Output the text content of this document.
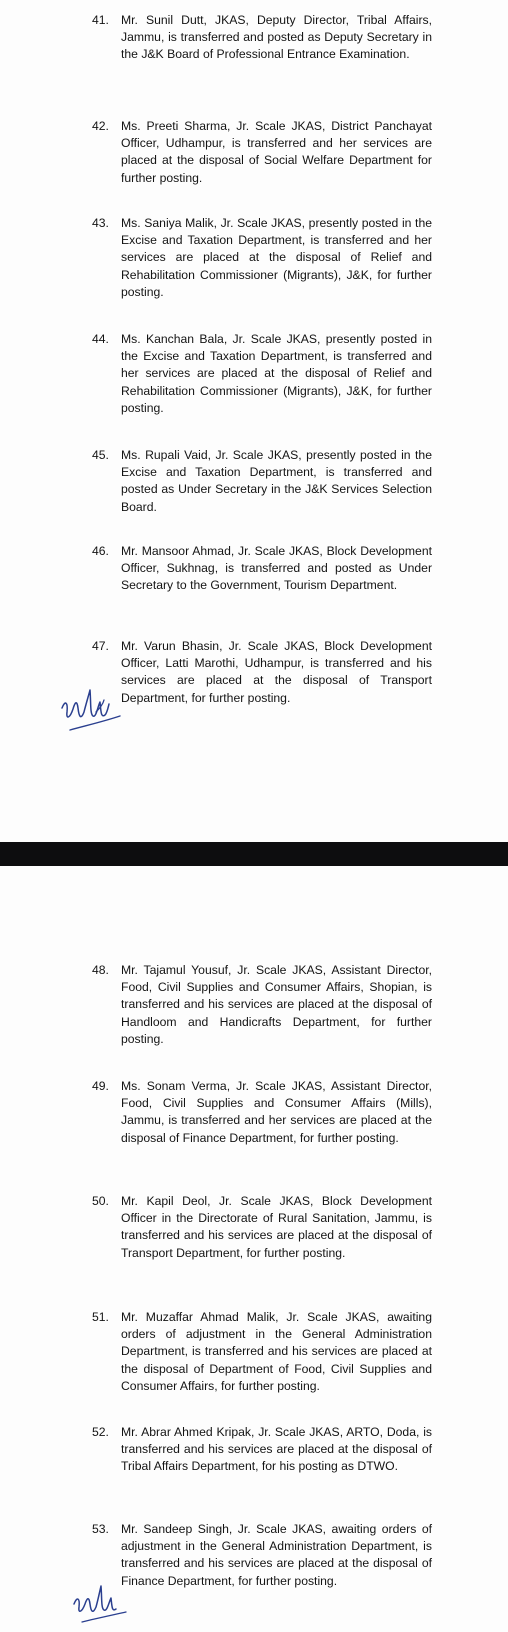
41. Mr. Sunil Dutt, JKAS, Deputy Director, Tribal Affairs, Jammu, is transferred and posted as Deputy Secretary in the J&K Board of Professional Entrance Examination.
42. Ms. Preeti Sharma, Jr. Scale JKAS, District Panchayat Officer, Udhampur, is transferred and her services are placed at the disposal of Social Welfare Department for further posting.
43. Ms. Saniya Malik, Jr. Scale JKAS, presently posted in the Excise and Taxation Department, is transferred and her services are placed at the disposal of Relief and Rehabilitation Commissioner (Migrants), J&K, for further posting.
44. Ms. Kanchan Bala, Jr. Scale JKAS, presently posted in the Excise and Taxation Department, is transferred and her services are placed at the disposal of Relief and Rehabilitation Commissioner (Migrants), J&K, for further posting.
45. Ms. Rupali Vaid, Jr. Scale JKAS, presently posted in the Excise and Taxation Department, is transferred and posted as Under Secretary in the J&K Services Selection Board.
46. Mr. Mansoor Ahmad, Jr. Scale JKAS, Block Development Officer, Sukhnag, is transferred and posted as Under Secretary to the Government, Tourism Department.
47. Mr. Varun Bhasin, Jr. Scale JKAS, Block Development Officer, Latti Marothi, Udhampur, is transferred and his services are placed at the disposal of Transport Department, for further posting.
48. Mr. Tajamul Yousuf, Jr. Scale JKAS, Assistant Director, Food, Civil Supplies and Consumer Affairs, Shopian, is transferred and his services are placed at the disposal of Handloom and Handicrafts Department, for further posting.
49. Ms. Sonam Verma, Jr. Scale JKAS, Assistant Director, Food, Civil Supplies and Consumer Affairs (Mills), Jammu, is transferred and her services are placed at the disposal of Finance Department, for further posting.
50. Mr. Kapil Deol, Jr. Scale JKAS, Block Development Officer in the Directorate of Rural Sanitation, Jammu, is transferred and his services are placed at the disposal of Transport Department, for further posting.
51. Mr. Muzaffar Ahmad Malik, Jr. Scale JKAS, awaiting orders of adjustment in the General Administration Department, is transferred and his services are placed at the disposal of Department of Food, Civil Supplies and Consumer Affairs, for further posting.
52. Mr. Abrar Ahmed Kripak, Jr. Scale JKAS, ARTO, Doda, is transferred and his services are placed at the disposal of Tribal Affairs Department, for his posting as DTWO.
53. Mr. Sandeep Singh, Jr. Scale JKAS, awaiting orders of adjustment in the General Administration Department, is transferred and his services are placed at the disposal of Finance Department, for further posting.
